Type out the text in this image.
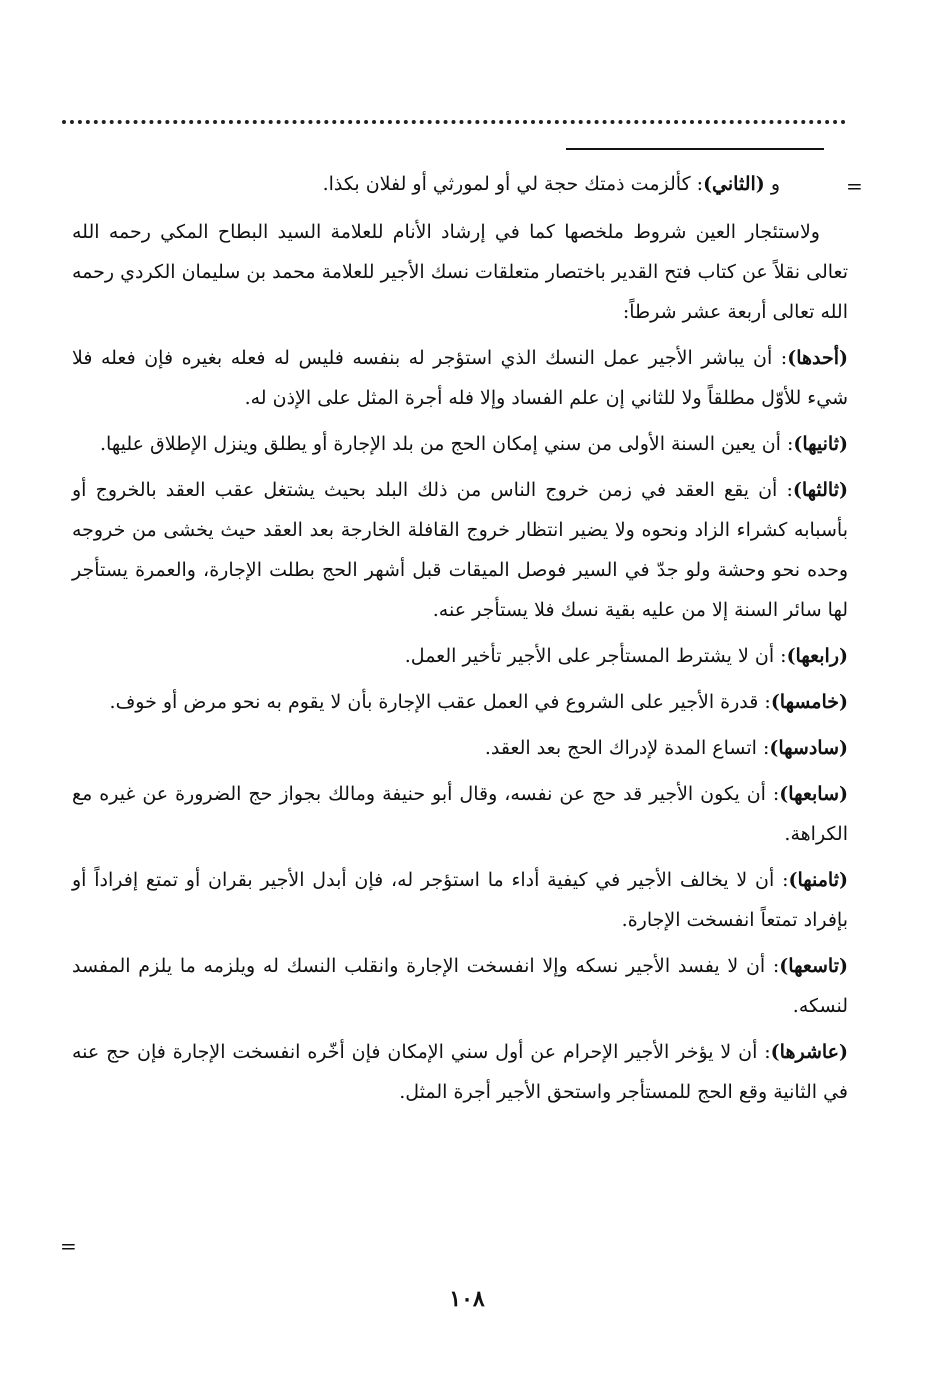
=

و (الثاني): كألزمت ذمتك حجة لي أو لمورثي أو لفلان بكذا.

ولاستئجار العين شروط ملخصها كما في إرشاد الأنام للعلامة السيد البطاح المكي رحمه الله تعالى نقلاً عن كتاب فتح القدير باختصار متعلقات نسك الأجير للعلامة محمد بن سليمان الكردي رحمه الله تعالى أربعة عشر شرطاً:

(أحدها): أن يباشر الأجير عمل النسك الذي استؤجر له بنفسه فليس له فعله بغيره فإن فعله فلا شيء للأوّل مطلقاً ولا للثاني إن علم الفساد وإلا فله أجرة المثل على الإذن له.

(ثانيها): أن يعين السنة الأولى من سني إمكان الحج من بلد الإجارة أو يطلق وينزل الإطلاق عليها.

(ثالثها): أن يقع العقد في زمن خروج الناس من ذلك البلد بحيث يشتغل عقب العقد بالخروج أو بأسبابه كشراء الزاد ونحوه ولا يضير انتظار خروج القافلة الخارجة بعد العقد حيث يخشى من خروجه وحده نحو وحشة ولو جدّ في السير فوصل الميقات قبل أشهر الحج بطلت الإجارة، والعمرة يستأجر لها سائر السنة إلا من عليه بقية نسك فلا يستأجر عنه.

(رابعها): أن لا يشترط المستأجر على الأجير تأخير العمل.

(خامسها): قدرة الأجير على الشروع في العمل عقب الإجارة بأن لا يقوم به نحو مرض أو خوف.

(سادسها): اتساع المدة لإدراك الحج بعد العقد.

(سابعها): أن يكون الأجير قد حج عن نفسه، وقال أبو حنيفة ومالك بجواز حج الضرورة عن غيره مع الكراهة.

(ثامنها): أن لا يخالف الأجير في كيفية أداء ما استؤجر له، فإن أبدل الأجير بقران أو تمتع إفراداً أو بإفراد تمتعاً انفسخت الإجارة.

(تاسعها): أن لا يفسد الأجير نسكه وإلا انفسخت الإجارة وانقلب النسك له ويلزمه ما يلزم المفسد لنسكه.

(عاشرها): أن لا يؤخر الأجير الإحرام عن أول سني الإمكان فإن أخّره انفسخت الإجارة فإن حج عنه في الثانية وقع الحج للمستأجر واستحق الأجير أجرة المثل.

=
١٠٨
